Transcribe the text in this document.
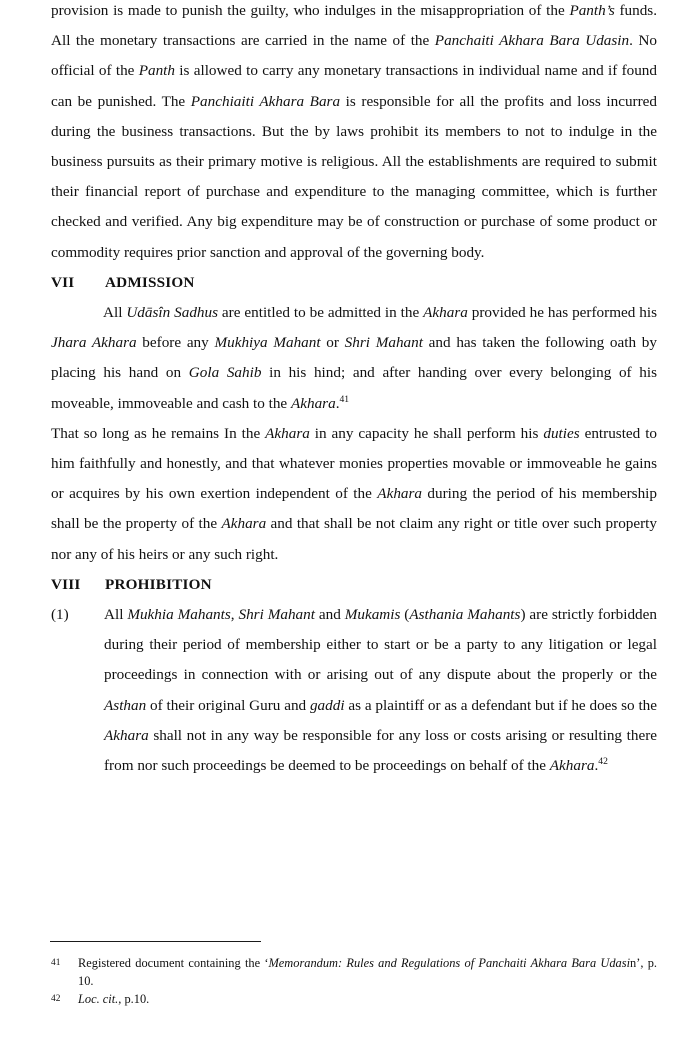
provision is made to punish the guilty, who indulges in the misappropriation of the Panth’s funds. All the monetary transactions are carried in the name of the Panchaiti Akhara Bara Udasin. No official of the Panth is allowed to carry any monetary transactions in individual name and if found can be punished. The Panchiaiti Akhara Bara is responsible for all the profits and loss incurred during the business transactions. But the by laws prohibit its members to not to indulge in the business pursuits as their primary motive is religious. All the establishments are required to submit their financial report of purchase and expenditure to the managing committee, which is further checked and verified. Any big expenditure may be of construction or purchase of some product or commodity requires prior sanction and approval of the governing body.

VII	ADMISSION

All Udāsîn Sadhus are entitled to be admitted in the Akhara provided he has performed his Jhara Akhara before any Mukhiya Mahant or Shri Mahant and has taken the following oath by placing his hand on Gola Sahib in his hind; and after handing over every belonging of his moveable, immoveable and cash to the Akhara.$^{41}$

That so long as he remains In the Akhara in any capacity he shall perform his duties entrusted to him faithfully and honestly, and that whatever monies properties movable or immoveable he gains or acquires by his own exertion independent of the Akhara during the period of his membership shall be the property of the Akhara and that shall be not claim any right or title over such property nor any of his heirs or any such right.

VIII	PROHIBITION
(1)	All Mukhia Mahants, Shri Mahant and Mukamis (Asthania Mahants) are strictly forbidden during their period of membership either to start or be a party to any litigation or legal proceedings in connection with or arising out of any dispute about the properly or the Asthan of their original Guru and gaddi as a plaintiff or as a defendant but if he does so the Akhara shall not in any way be responsible for any loss or costs arising or resulting there from nor such proceedings be deemed to be proceedings on behalf of the Akhara.$^{42}$
41	Registered document containing the ‘Memorandum: Rules and Regulations of Panchaiti Akhara Bara Udasin’, p. 10.
42	Loc. cit., p.10.
